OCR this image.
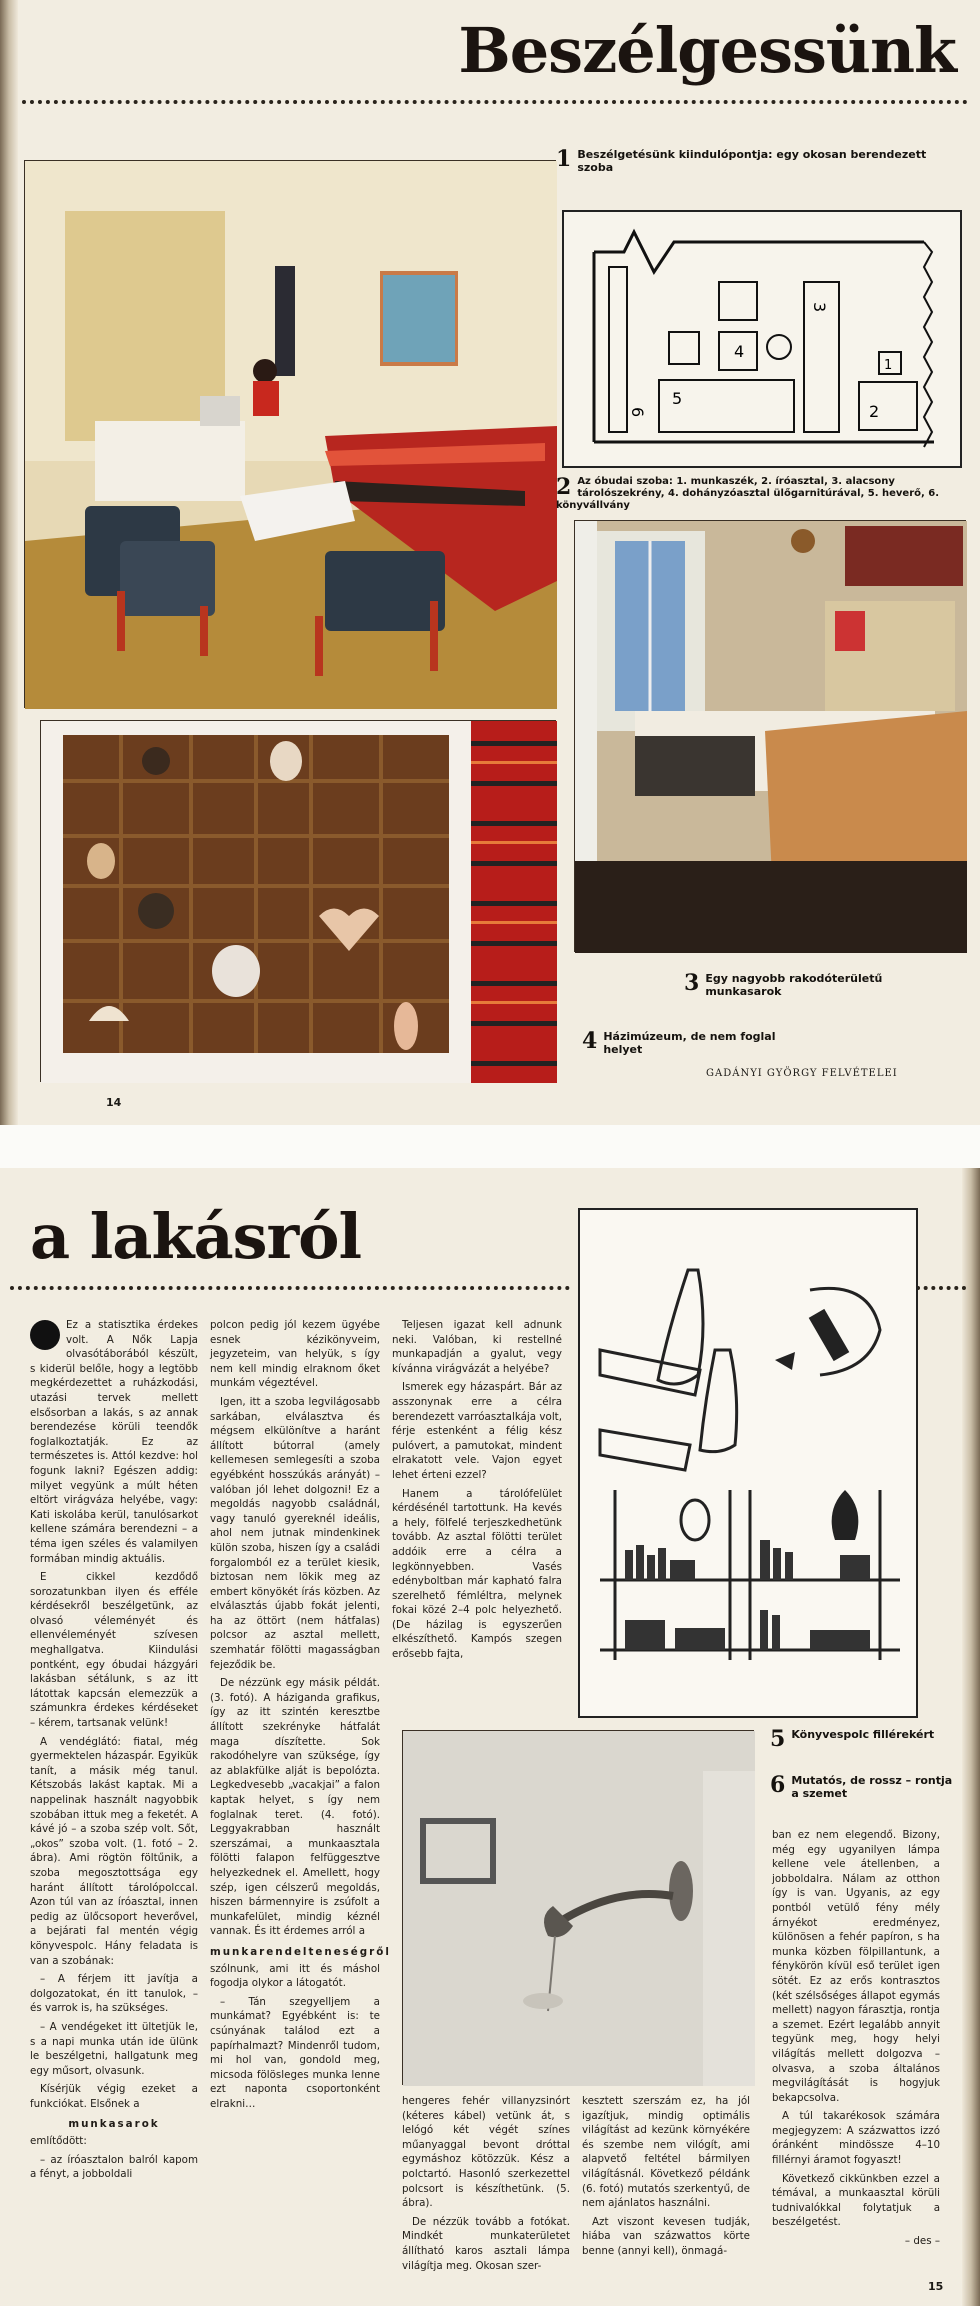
Beszélgessünk
1 Beszélgetésünk kiindulópontja: egy okosan berendezett szoba
6
4
3
5
2
1
2 Az óbudai szoba: 1. munkaszék, 2. íróasztal, 3. alacsony tárolószekrény, 4. dohányzóasztal ülőgarnitúrával, 5. heverő, 6. könyvállvány
3 Egy nagyobb rakodóterületű munkasarok
4 Házimúzeum, de nem foglal helyet
GADÁNYI GYÖRGY FELVÉTELEI
14
a lakásról

Ez a statisztika érdekes volt. A Nők Lapja olvasótáborából készült, s kiderül belőle, hogy a legtöbb megkérdezettet a ruházkodási, utazási tervek mellett elsősorban a lakás, s az annak berendezése körüli teendők foglalkoztatják. Ez az természetes is. Attól kezdve: hol fogunk lakni? Egészen addig: milyet vegyünk a múlt héten eltört virágváza helyébe, vagy: Kati iskolába kerül, tanulósarkot kellene számára berendezni – a téma igen széles és valamilyen formában mindig aktuális.

E cikkel kezdődő sorozatunkban ilyen és efféle kérdésekről beszélgetünk, az olvasó véleményét és ellenvéleményét szívesen meghallgatva. Kiindulási pontként, egy óbudai házgyári lakásban sétálunk, s az itt látottak kapcsán elemezzük a számunkra érdekes kérdéseket – kérem, tartsanak velünk!

A vendéglátó: fiatal, még gyermektelen házaspár. Egyikük tanít, a másik még tanul. Kétszobás lakást kaptak. Mi a nappelinak használt nagyobbik szobában ittuk meg a feketét. A kávé jó – a szoba szép volt. Sőt, „okos” szoba volt. (1. fotó – 2. ábra). Ami rögtön föltűnik, a szoba megosztottsága egy haránt állított tárolópolccal. Azon túl van az íróasztal, innen pedig az ülőcsoport heverővel, a bejárati fal mentén végig könyvespolc. Hány feladata is van a szobának:

– A férjem itt javítja a dolgozatokat, én itt tanulok, – és varrok is, ha szükséges.

– A vendégeket itt ültetjük le, s a napi munka után ide ülünk le beszélgetni, hallgatunk meg egy műsort, olvasunk.

Kísérjük végig ezeket a funkciókat. Elsőnek a

munkasarok

említődött:

– az íróasztalon balról kapom a fényt, a jobboldali

polcon pedig jól kezem ügyébe esnek kézikönyveim, jegyzeteim, van helyük, s így nem kell mindig elraknom őket munkám végeztével.

Igen, itt a szoba legvilágosabb sarkában, elválasztva és mégsem elkülönítve a haránt állított bútorral (amely kellemesen semlegesíti a szoba egyébként hosszúkás arányát) – valóban jól lehet dolgozni! Ez a megoldás nagyobb családnál, vagy tanuló gyereknél ideális, ahol nem jutnak mindenkinek külön szoba, hiszen így a családi forgalomból ez a terület kiesik, biztosan nem lökik meg az embert könyökét írás közben. Az elválasztás újabb fokát jelenti, ha az öttört (nem hátfalas) polcsor az asztal mellett, szemhatár fölötti magasságban fejeződik be.

De nézzünk egy másik példát. (3. fotó). A háziganda grafikus, így az itt szintén keresztbe állított szekrényke hátfalát maga díszítette. Sok rakodóhelyre van szüksége, így az ablakfülke alját is bepolózta. Legkedvesebb „vacakjai” a falon kaptak helyet, s így nem foglalnak teret. (4. fotó). Leggyakrabban használt szerszámai, a munkaasztala fölötti falapon felfüggesztve helyezkednek el. Amellett, hogy szép, igen célszerű megoldás, hiszen bármennyire is zsúfolt a munkafelület, mindig kéznél vannak. És itt érdemes arról a

munkarendelteneségről

szólnunk, ami itt és máshol fogodja olykor a látogatót.

– Tán szegyelljem a munkámat? Egyébként is: te csúnyának találod ezt a papírhalmazt? Mindenről tudom, mi hol van, gondold meg, micsoda fölösleges munka lenne ezt naponta csoportonként elrakni…

Teljesen igazat kell adnunk neki. Valóban, ki restellné munkapadján a gyalut, vegy kívánna virágvázát a helyébe?

Ismerek egy házaspárt. Bár az asszonynak erre a célra berendezett varróasztalkája volt, férje estenként a félig kész pulóvert, a pamutokat, mindent elrakatott vele. Vajon egyet lehet érteni ezzel?

Hanem a tárolófelület kérdésénél tartottunk. Ha kevés a hely, fölfelé terjeszkedhetünk tovább. Az asztal fölötti terület addóik erre a célra a legkönnyebben. Vasés edényboltban már kapható falra szerelhető fémléltra, melynek fokai közé 2–4 polc helyezhető. (De házilag is egyszerűen elkészíthető. Kampós szegen erősebb fajta,

5 Könyvespolc fillérekért
6 Mutatós, de rossz – rontja a szemet

hengeres fehér villanyzsinórt (kéteres kábel) vetünk át, s lelógó két végét színes műanyaggal bevont dróttal egymáshoz kötözzük. Kész a polctartó. Hasonló szerkezettel polcsort is készíthetünk. (5. ábra).

De nézzük tovább a fotókat. Mindkét munkaterületet állítható karos asztali lámpa világítja meg. Okosan szer-

kesztett szerszám ez, ha jól igazítjuk, mindig optimális világítást ad kezünk környékére és szembe nem vilógít, ami alapvető feltétel bármilyen világításnál. Következő példánk (6. fotó) mutatós szerkentyű, de nem ajánlatos használni.

Azt viszont kevesen tudják, hiába van százwattos körte benne (annyi kell), önmagá-

ban ez nem elegendő. Bizony, még egy ugyanilyen lámpa kellene vele átellenben, a jobboldalra. Nálam az otthon így is van. Ugyanis, az egy pontból vetülő fény mély árnyékot eredményez, különösen a fehér papíron, s ha munka közben fölpillantunk, a fénykörön kívül eső terület igen sötét. Ez az erős kontrasztos (két szélsőséges állapot egymás mellett) nagyon fárasztja, rontja a szemet. Ezért legalább annyit tegyünk meg, hogy helyi világítás mellett dolgozva – olvasva, a szoba általános megvilágítását is hogyjuk bekapcsolva.

A túl takarékosok számára megjegyzem: A százwattos izzó óránként mindössze 4–10 fillérnyi áramot fogyaszt!

Következő cikkünkben ezzel a témával, a munkaasztal körüli tudnivalókkal folytatjuk a beszélgetést.

– des –

15
